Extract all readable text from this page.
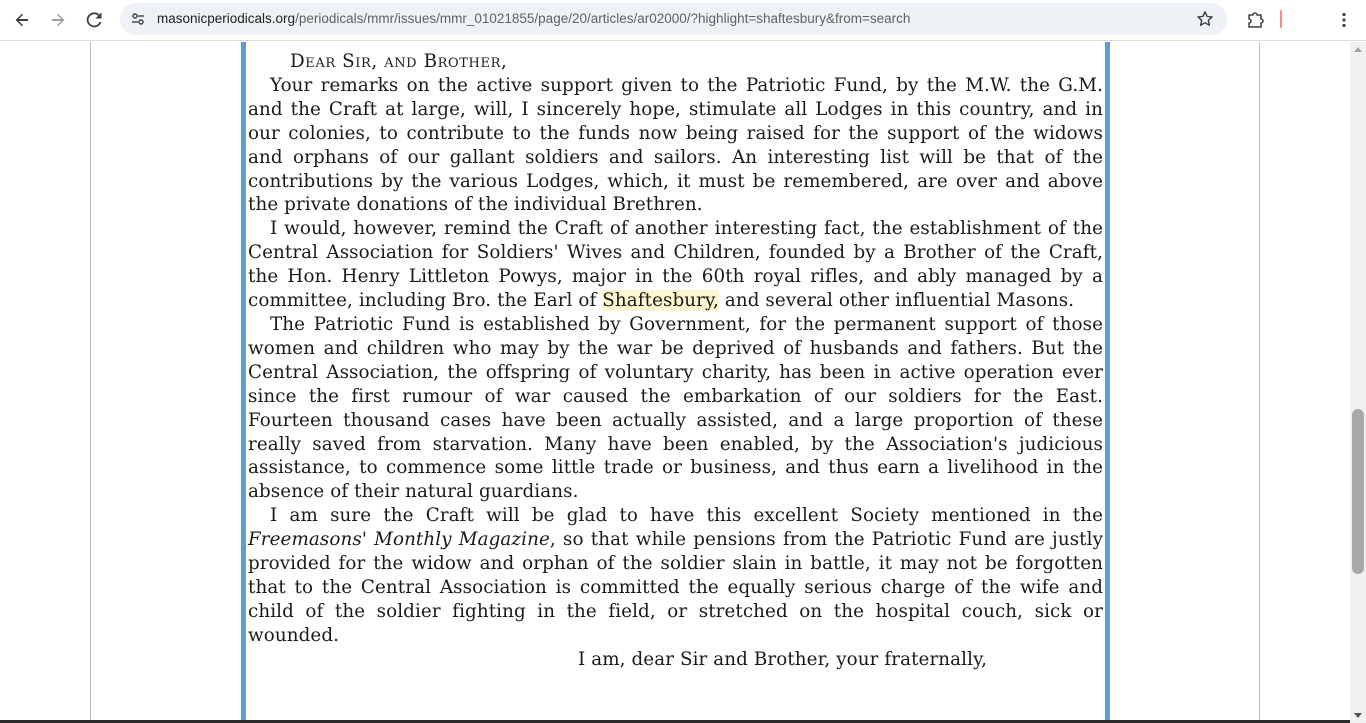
masonicperiodicals.org/periodicals/mmr/issues/mmr_01021855/page/20/articles/ar02000/?highlight=shaftesbury&from=search

Dear Sir, and Brother,

Your remarks on the active support given to the Patriotic Fund, by the M.W. the G.M. and the Craft at large, will, I sincerely hope, stimulate all Lodges in this country, and in our colonies, to contribute to the funds now being raised for the support of the widows and orphans of our gallant soldiers and sailors. An interesting list will be that of the contributions by the various Lodges, which, it must be remembered, are over and above the private donations of the individual Brethren.

I would, however, remind the Craft of another interesting fact, the establishment of the Central Association for Soldiers' Wives and Children, founded by a Brother of the Craft, the Hon. Henry Littleton Powys, major in the 60th royal rifles, and ably managed by a committee, including Bro. the Earl of Shaftesbury, and several other influential Masons.

The Patriotic Fund is established by Government, for the permanent support of those women and children who may by the war be deprived of husbands and fathers. But the Central Association, the offspring of voluntary charity, has been in active operation ever since the first rumour of war caused the embarkation of our soldiers for the East. Fourteen thousand cases have been actually assisted, and a large proportion of these really saved from starvation. Many have been enabled, by the Association's judicious assistance, to commence some little trade or business, and thus earn a livelihood in the absence of their natural guardians.

I am sure the Craft will be glad to have this excellent Society mentioned in the Freemasons' Monthly Magazine, so that while pensions from the Patriotic Fund are justly provided for the widow and orphan of the soldier slain in battle, it may not be forgotten that to the Central Association is committed the equally serious charge of the wife and child of the soldier fighting in the field, or stretched on the hospital couch, sick or wounded.

I am, dear Sir and Brother, your fraternally,
